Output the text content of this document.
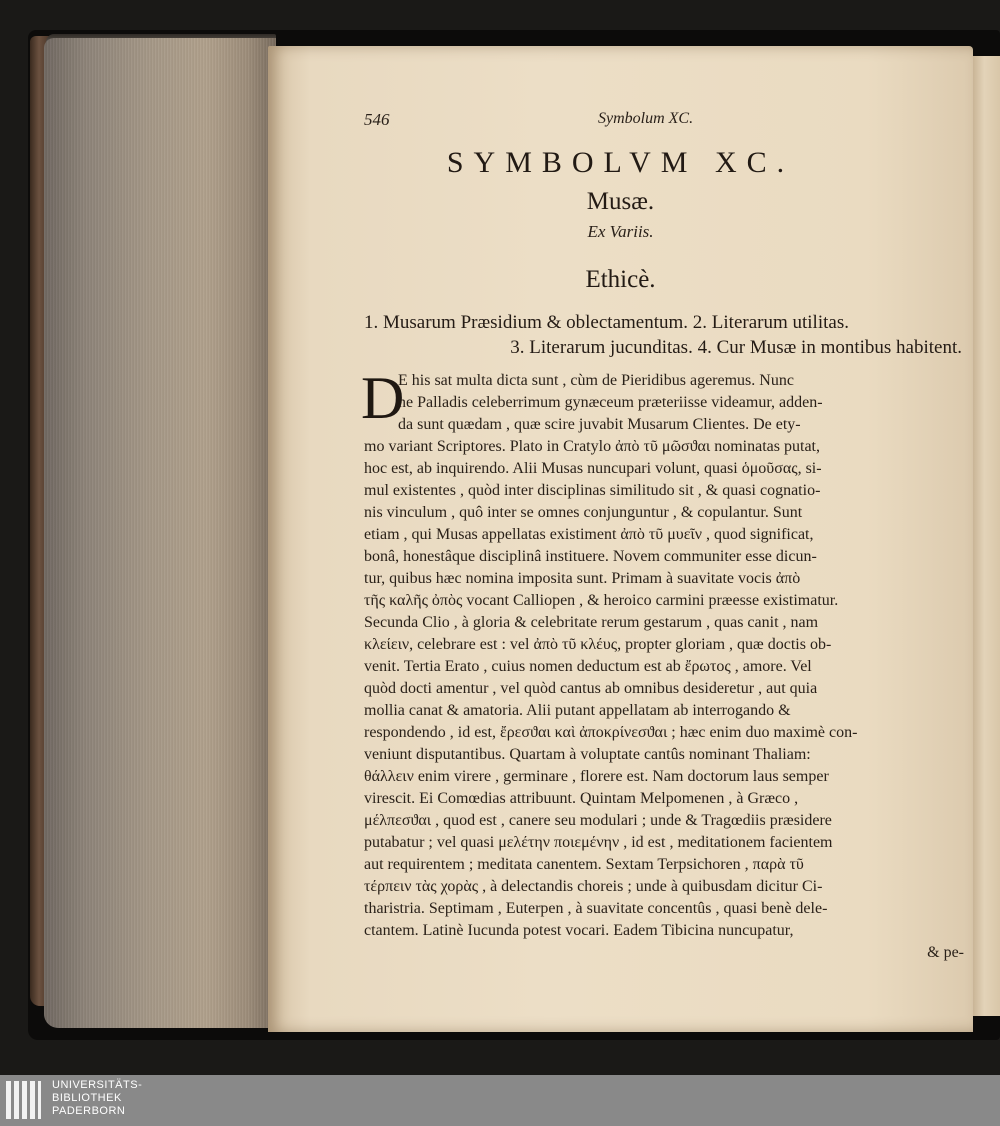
546	Symbolum XC.
SYMBOLVM XC.
Musæ.
Ex Variis.
Ethicè.
1. Musarum Præsidium & oblectamentum. 2. Literarum utilitas.
3. Literarum jucunditas. 4. Cur Musæ in montibus habitent.
D
E his sat multa dicta sunt , cùm de Pieridibus ageremus. Nunc
ne Palladis celeberrimum gynæceum præteriisse videamur, adden-
da sunt quædam , quæ scire juvabit Musarum Clientes. De ety-
mo variant Scriptores. Plato in Cratylo ἀπὸ τῦ μῶσϑαι nominatas putat,
hoc est, ab inquirendo. Alii Musas nuncupari volunt, quasi ὁμοῦσας, si-
mul existentes , quòd inter disciplinas similitudo sit , & quasi cognatio-
nis vinculum , quô inter se omnes conjunguntur , & copulantur. Sunt
etiam , qui Musas appellatas existiment ἀπὸ τῦ μυεῖν , quod significat,
bonâ, honestâque disciplinâ instituere. Novem communiter esse dicun-
tur, quibus hæc nomina imposita sunt. Primam à suavitate vocis ἀπὸ
τῆς καλῆς ὀπὸς vocant Calliopen , & heroico carmini præesse existimatur.
Secunda Clio , à gloria & celebritate rerum gestarum , quas canit , nam
κλείειν, celebrare est : vel ἀπὸ τῦ κλέυς, propter gloriam , quæ doctis ob-
venit. Tertia Erato , cuius nomen deductum est ab ἔρωτος , amore. Vel
quòd docti amentur , vel quòd cantus ab omnibus desideretur , aut quia
mollia canat & amatoria. Alii putant appellatam ab interrogando &
respondendo , id est, ἔρεσϑαι καὶ ἀποκρίνεσϑαι ; hæc enim duo maximè con-
veniunt disputantibus. Quartam à voluptate cantûs nominant Thaliam:
θάλλειν enim virere , germinare , florere est. Nam doctorum laus semper
virescit. Ei Comœdias attribuunt. Quintam Melpomenen , à Græco ,
μέλπεσϑαι , quod est , canere seu modulari ; unde & Tragœdiis præsidere
putabatur ; vel quasi μελέτην ποιεμένην , id est , meditationem facientem
aut requirentem ; meditata canentem. Sextam Terpsichoren , παρὰ τῦ
τέρπειν τὰς χορὰς , à delectandis choreis ; unde à quibusdam dicitur Ci-
tharistria. Septimam , Euterpen , à suavitate concentûs , quasi benè dele-
ctantem. Latinè Iucunda potest vocari. Eadem Tibicina nuncupatur,
& pe-
UNIVERSITÄTS-
BIBLIOTHEK
PADERBORN
